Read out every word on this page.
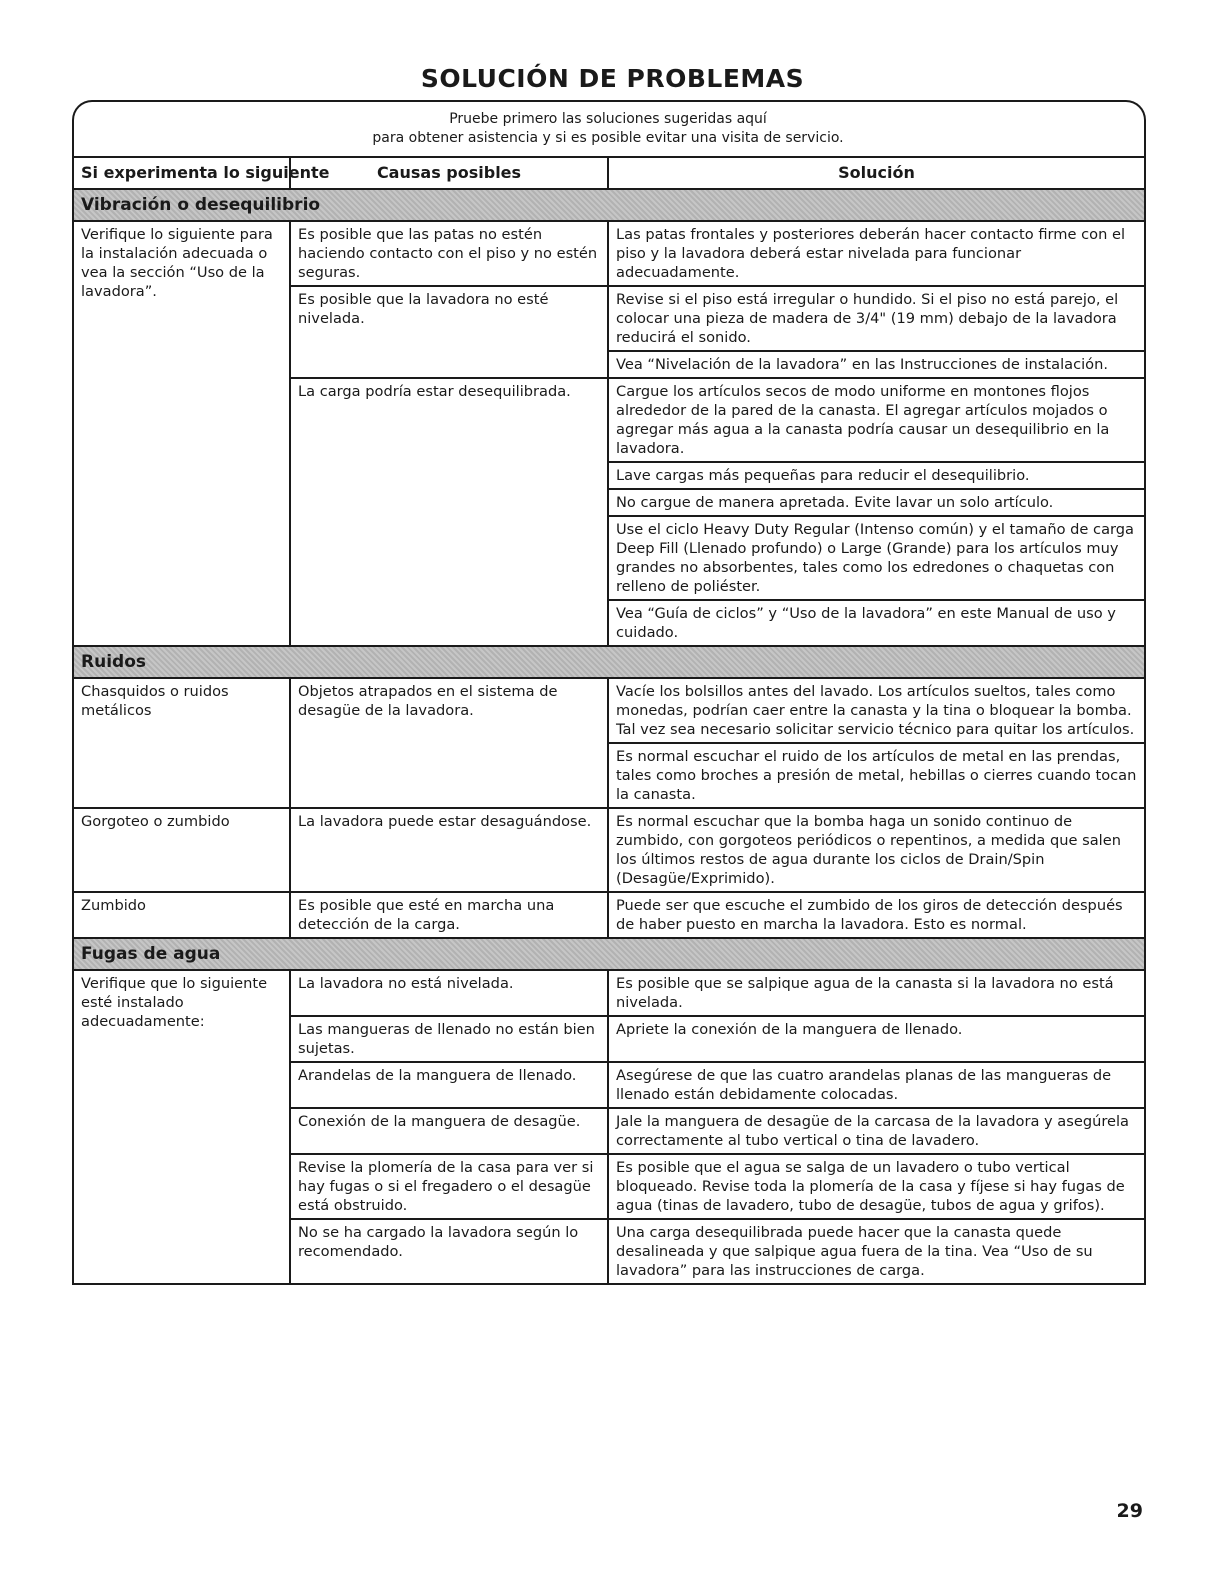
SOLUCIÓN DE PROBLEMAS
Pruebe primero las soluciones sugeridas aquí
para obtener asistencia y si es posible evitar una visita de servicio.
Si experimenta lo siguiente	Causas posibles	Solución
Vibración o desequilibrio		
Verifique lo siguiente para la instalación adecuada o vea la sección “Uso de la lavadora”.	Es posible que las patas no estén haciendo contacto con el piso y no estén seguras.	Las patas frontales y posteriores deberán hacer contacto firme con el piso y la lavadora deberá estar nivelada para funcionar adecuadamente.
	Es posible que la lavadora no esté nivelada.	Revise si el piso está irregular o hundido. Si el piso no está parejo, el colocar una pieza de madera de 3/4" (19 mm) debajo de la lavadora reducirá el sonido.
		Vea “Nivelación de la lavadora” en las Instrucciones de instalación.
	La carga podría estar desequilibrada.	Cargue los artículos secos de modo uniforme en montones flojos alrededor de la pared de la canasta. El agregar artículos mojados o agregar más agua a la canasta podría causar un desequilibrio en la lavadora.
		Lave cargas más pequeñas para reducir el desequilibrio.
		No cargue de manera apretada. Evite lavar un solo artículo.
		Use el ciclo Heavy Duty Regular (Intenso común) y el tamaño de carga Deep Fill (Llenado profundo) o Large (Grande) para los artículos muy grandes no absorbentes, tales como los edredones o chaquetas con relleno de poliéster.
		Vea “Guía de ciclos” y “Uso de la lavadora” en este Manual de uso y cuidado.
Ruidos		
Chasquidos o ruidos metálicos	Objetos atrapados en el sistema de desagüe de la lavadora.	Vacíe los bolsillos antes del lavado. Los artículos sueltos, tales como monedas, podrían caer entre la canasta y la tina o bloquear la bomba. Tal vez sea necesario solicitar servicio técnico para quitar los artículos.
		Es normal escuchar el ruido de los artículos de metal en las prendas, tales como broches a presión de metal, hebillas o cierres cuando tocan la canasta.
Gorgoteo o zumbido	La lavadora puede estar desaguándose.	Es normal escuchar que la bomba haga un sonido continuo de zumbido, con gorgoteos periódicos o repentinos, a medida que salen los últimos restos de agua durante los ciclos de Drain/Spin (Desagüe/Exprimido).
Zumbido	Es posible que esté en marcha una detección de la carga.	Puede ser que escuche el zumbido de los giros de detección después de haber puesto en marcha la lavadora. Esto es normal.
Fugas de agua		
Verifique que lo siguiente esté instalado adecuadamente:	La lavadora no está nivelada.	Es posible que se salpique agua de la canasta si la lavadora no está nivelada.
	Las mangueras de llenado no están bien sujetas.	Apriete la conexión de la manguera de llenado.
	Arandelas de la manguera de llenado.	Asegúrese de que las cuatro arandelas planas de las mangueras de llenado están debidamente colocadas.
	Conexión de la manguera de desagüe.	Jale la manguera de desagüe de la carcasa de la lavadora y asegúrela correctamente al tubo vertical o tina de lavadero.
	Revise la plomería de la casa para ver si hay fugas o si el fregadero o el desagüe está obstruido.	Es posible que el agua se salga de un lavadero o tubo vertical bloqueado. Revise toda la plomería de la casa y fíjese si hay fugas de agua (tinas de lavadero, tubo de desagüe, tubos de agua y grifos).
	No se ha cargado la lavadora según lo recomendado.	Una carga desequilibrada puede hacer que la canasta quede desalineada y que salpique agua fuera de la tina. Vea “Uso de su lavadora” para las instrucciones de carga.
29
